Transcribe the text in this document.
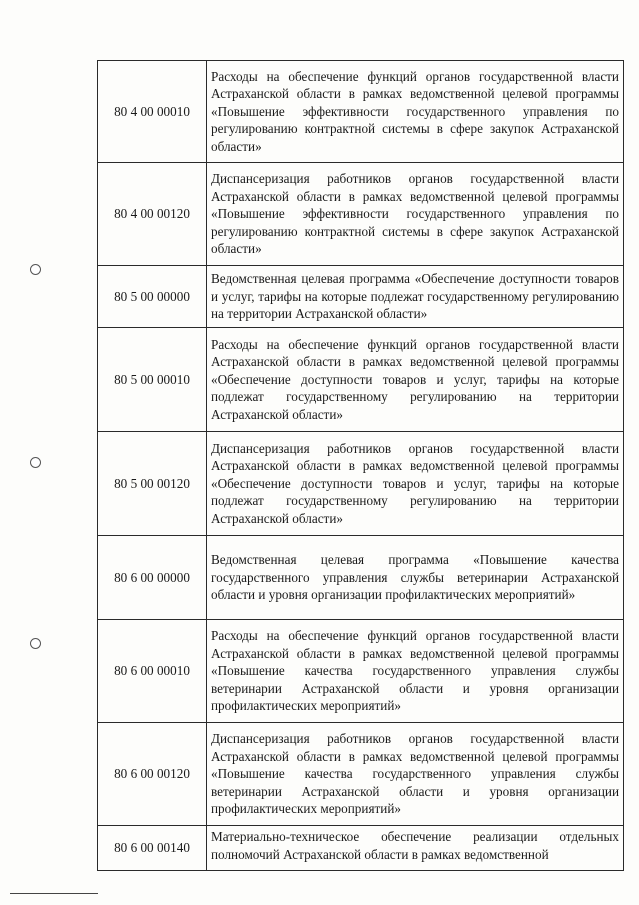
80 4 00 00010	Расходы на обеспечение функций органов государственной власти Астраханской области в рамках ведомственной целевой программы «Повышение эффективности государственного управления по регулированию контрактной системы в сфере закупок Астраханской области»
80 4 00 00120	Диспансеризация работников органов государственной власти Астраханской области в рамках ведомственной целевой программы «Повышение эффективности государственного управления по регулированию контрактной системы в сфере закупок Астраханской области»
80 5 00 00000	Ведомственная целевая программа «Обеспечение доступности товаров и услуг, тарифы на которые подлежат государственному регулированию на территории Астраханской области»
80 5 00 00010	Расходы на обеспечение функций органов государственной власти Астраханской области в рамках ведомственной целевой программы «Обеспечение доступности товаров и услуг, тарифы на которые подлежат государственному регулированию на территории Астраханской области»
80 5 00 00120	Диспансеризация работников органов государственной власти Астраханской области в рамках ведомственной целевой программы «Обеспечение доступности товаров и услуг, тарифы на которые подлежат государственному регулированию на территории Астраханской области»
80 6 00 00000	Ведомственная целевая программа «Повышение качества государственного управления службы ветеринарии Астраханской области и уровня организации профилактических мероприятий»
80 6 00 00010	Расходы на обеспечение функций органов государственной власти Астраханской области в рамках ведомственной целевой программы «Повышение качества государственного управления службы ветеринарии Астраханской области и уровня организации профилактических мероприятий»
80 6 00 00120	Диспансеризация работников органов государственной власти Астраханской области в рамках ведомственной целевой программы «Повышение качества государственного управления службы ветеринарии Астраханской области и уровня организации профилактических мероприятий»
80 6 00 00140	Материально-техническое обеспечение реализации отдельных полномочий Астраханской области в рамках ведомственной
